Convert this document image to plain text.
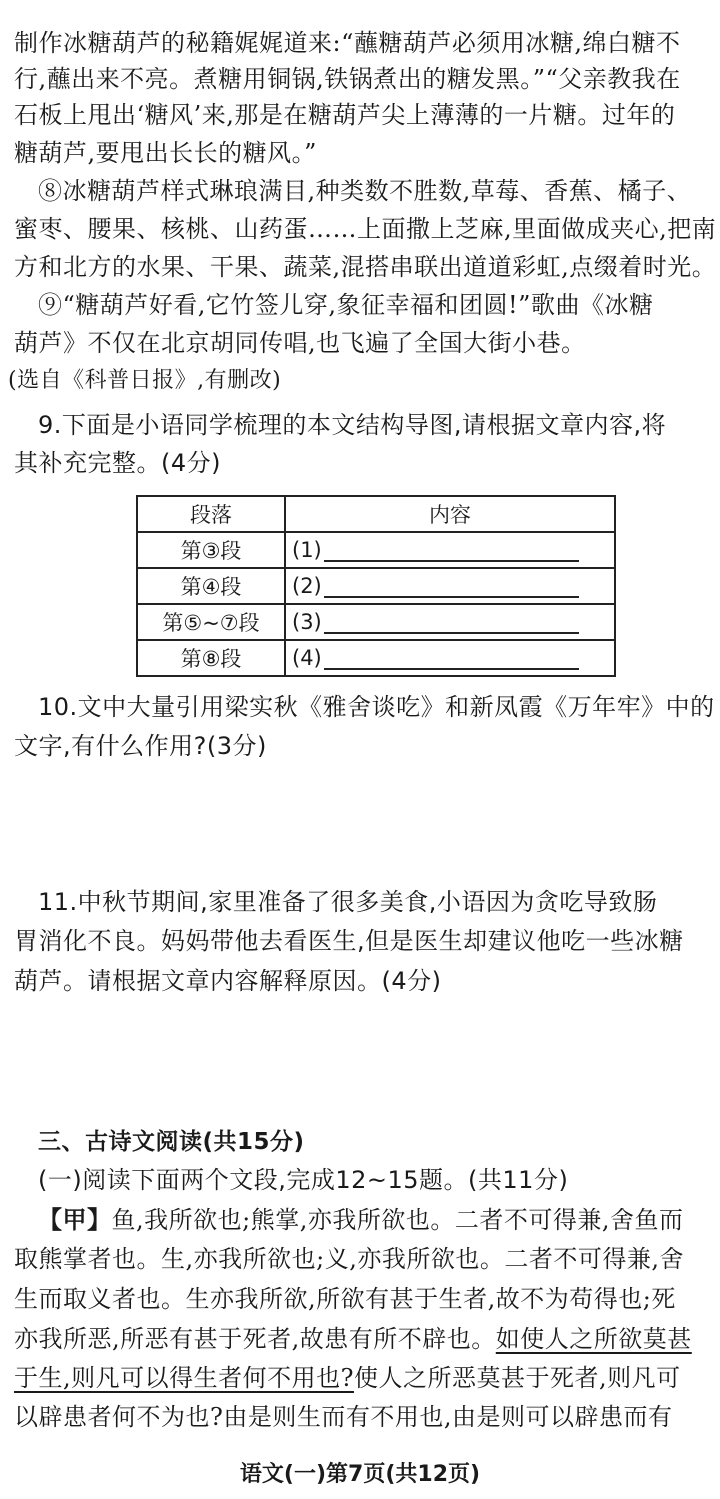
制作冰糖葫芦的秘籍娓娓道来:“蘸糖葫芦必须用冰糖,绵白糖不
行,蘸出来不亮。煮糖用铜锅,铁锅煮出的糖发黑。”“父亲教我在
石板上甩出‘糖风’来,那是在糖葫芦尖上薄薄的一片糖。过年的
糖葫芦,要甩出长长的糖风。”
⑧冰糖葫芦样式琳琅满目,种类数不胜数,草莓、香蕉、橘子、
蜜枣、腰果、核桃、山药蛋……上面撒上芝麻,里面做成夹心,把南
方和北方的水果、干果、蔬菜,混搭串联出道道彩虹,点缀着时光。
⑨“糖葫芦好看,它竹签儿穿,象征幸福和团圆!”歌曲《冰糖
葫芦》不仅在北京胡同传唱,也飞遍了全国大街小巷。
(选自《科普日报》,有删改)
9.下面是小语同学梳理的本文结构导图,请根据文章内容,将
其补充完整。(4分)
段落	内容
第③段	(1)
第④段	(2)
第⑤~⑦段	(3)
第⑧段	(4)
10.文中大量引用梁实秋《雅舍谈吃》和新凤霞《万年牢》中的
文字,有什么作用?(3分)
11.中秋节期间,家里准备了很多美食,小语因为贪吃导致肠
胃消化不良。妈妈带他去看医生,但是医生却建议他吃一些冰糖
葫芦。请根据文章内容解释原因。(4分)
三、古诗文阅读(共15分)
(一)阅读下面两个文段,完成12~15题。(共11分)
【甲】鱼,我所欲也;熊掌,亦我所欲也。二者不可得兼,舍鱼而
取熊掌者也。生,亦我所欲也;义,亦我所欲也。二者不可得兼,舍
生而取义者也。生亦我所欲,所欲有甚于生者,故不为苟得也;死
亦我所恶,所恶有甚于死者,故患有所不辟也。如使人之所欲莫甚
于生,则凡可以得生者何不用也?使人之所恶莫甚于死者,则凡可
以辟患者何不为也?由是则生而有不用也,由是则可以辟患而有
语文(一)第7页(共12页)
